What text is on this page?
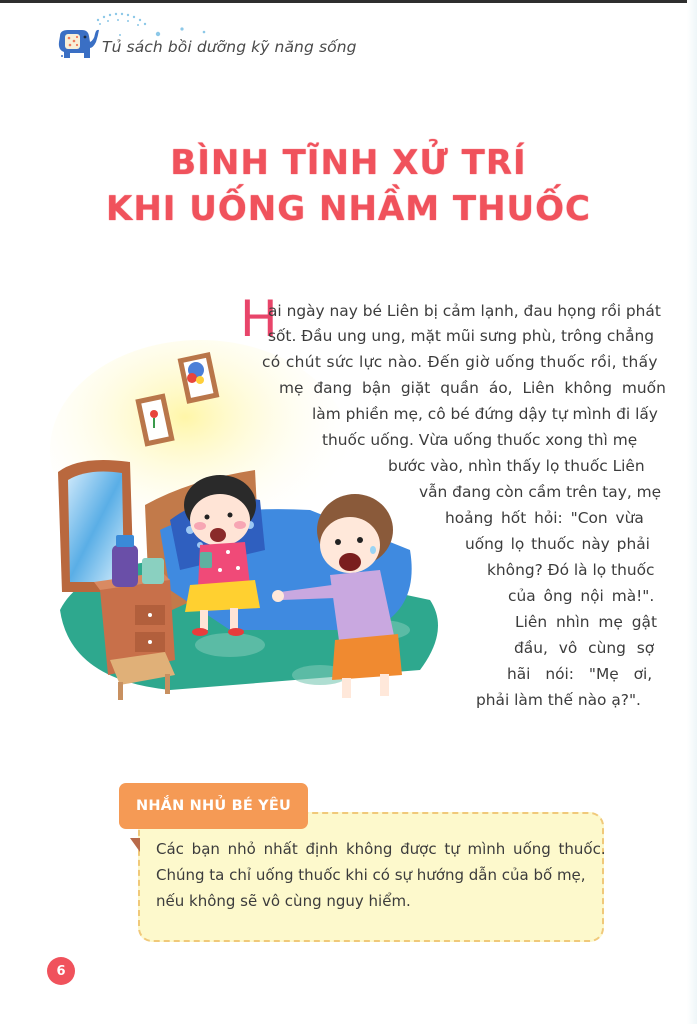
Tủ sách bồi dưỡng kỹ năng sống
BÌNH TĨNH XỬ TRÍ
KHI UỐNG NHẦM THUỐC
H
ai ngày nay bé Liên bị cảm lạnh, đau họng rồi phát
sốt. Đầu ung ung, mặt mũi sưng phù, trông chẳng
có chút sức lực nào. Đến giờ uống thuốc rồi, thấy
mẹ đang bận giặt quần áo, Liên không muốn
làm phiền mẹ, cô bé đứng dậy tự mình đi lấy
thuốc uống. Vừa uống thuốc xong thì mẹ
bước vào, nhìn thấy lọ thuốc Liên
vẫn đang còn cầm trên tay, mẹ
hoảng hốt hỏi: "Con vừa
uống lọ thuốc này phải
không? Đó là lọ thuốc
của ông nội mà!".
Liên nhìn mẹ gật
đầu, vô cùng sợ
hãi nói: "Mẹ ơi,
phải làm thế nào ạ?".
NHẮN NHỦ BÉ YÊU
Các bạn nhỏ nhất định không được tự mình uống thuốc.
Chúng ta chỉ uống thuốc khi có sự hướng dẫn của bố mẹ,
nếu không sẽ vô cùng nguy hiểm.
6
